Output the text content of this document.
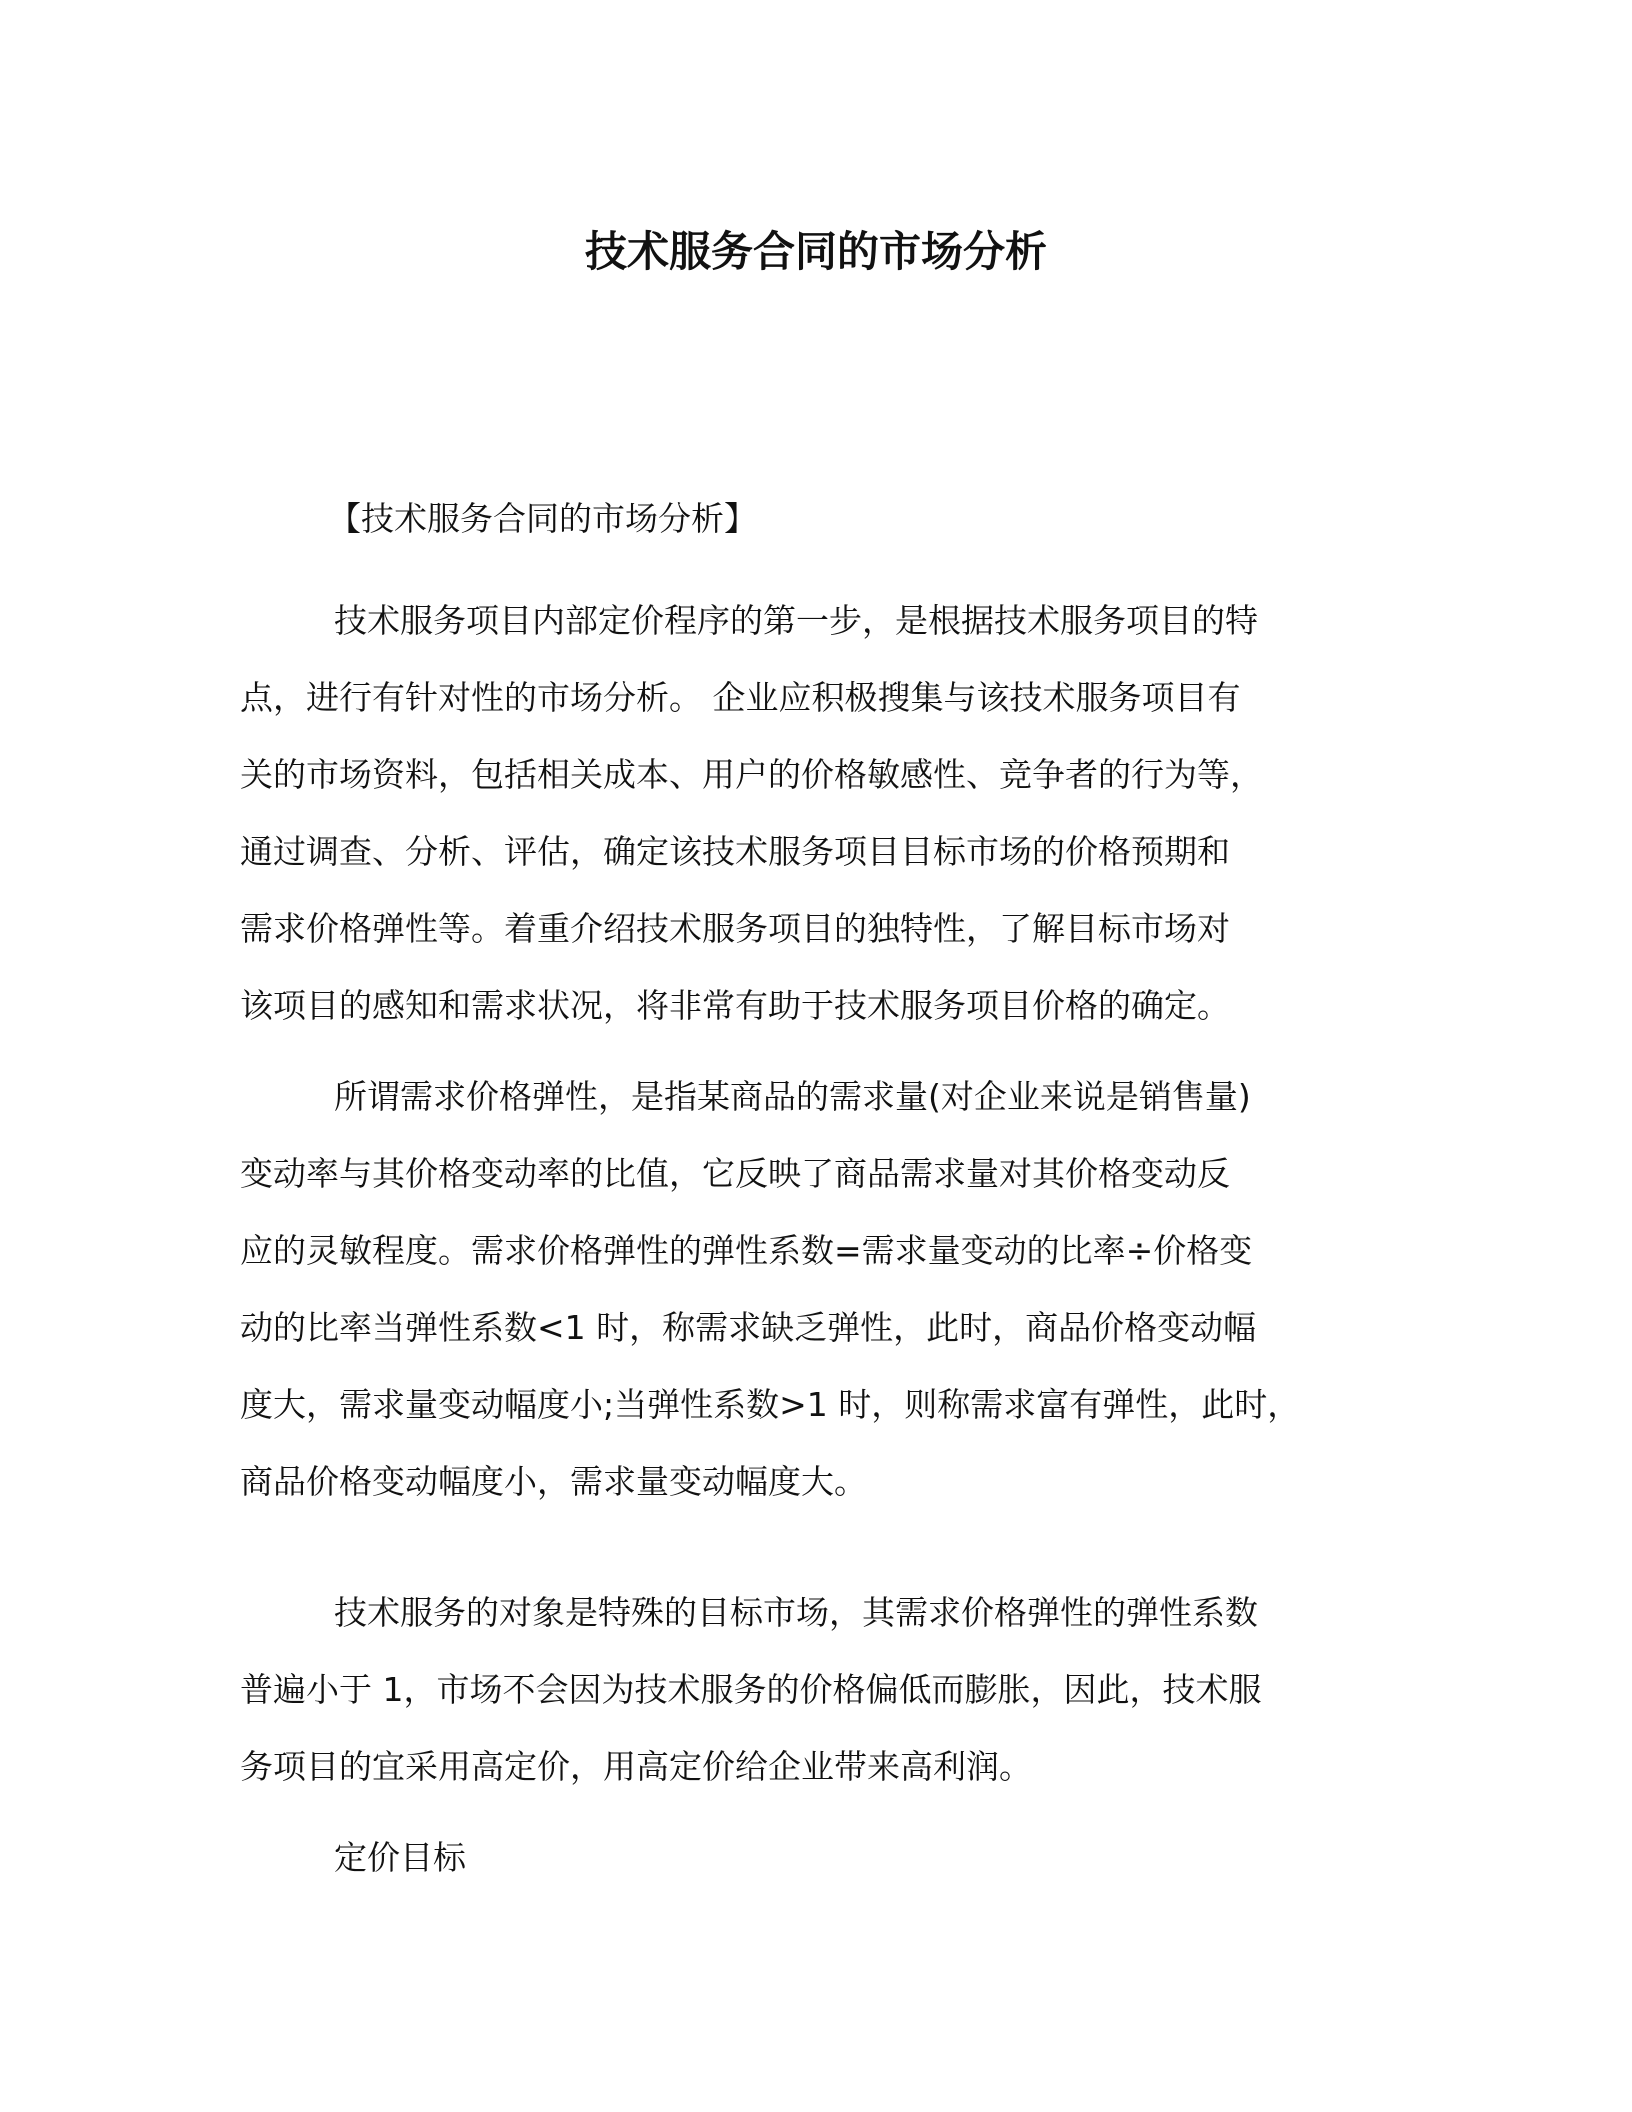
技术服务合同的市场分析
【技术服务合同的市场分析】
技术服务项目内部定价程序的第一步，是根据技术服务项目的特
点，进行有针对性的市场分析。 企业应积极搜集与该技术服务项目有
关的市场资料，包括相关成本、用户的价格敏感性、竞争者的行为等，
通过调查、分析、评估，确定该技术服务项目目标市场的价格预期和
需求价格弹性等。着重介绍技术服务项目的独特性，了解目标市场对
该项目的感知和需求状况，将非常有助于技术服务项目价格的确定。
所谓需求价格弹性，是指某商品的需求量(对企业来说是销售量)
变动率与其价格变动率的比值，它反映了商品需求量对其价格变动反
应的灵敏程度。需求价格弹性的弹性系数=需求量变动的比率÷价格变
动的比率当弹性系数<1 时，称需求缺乏弹性，此时，商品价格变动幅
度大，需求量变动幅度小;当弹性系数>1 时，则称需求富有弹性，此时，
商品价格变动幅度小，需求量变动幅度大。
技术服务的对象是特殊的目标市场，其需求价格弹性的弹性系数
普遍小于 1，市场不会因为技术服务的价格偏低而膨胀，因此，技术服
务项目的宜采用高定价，用高定价给企业带来高利润。
定价目标
